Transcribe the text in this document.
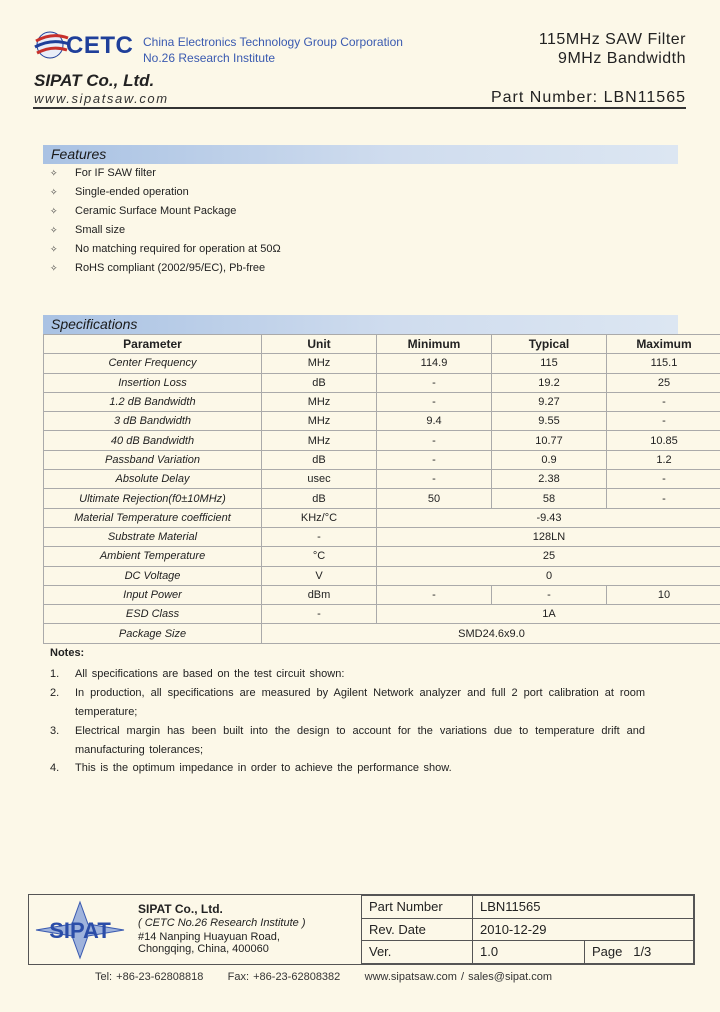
CETC China Electronics Technology Group Corporation
No.26 Research Institute
115MHz SAW Filter
9MHz Bandwidth
SIPAT Co., Ltd.
www.sipatsaw.com	Part Number: LBN11565
Features
✧ For IF SAW filter
✧ Single-ended operation
✧ Ceramic Surface Mount Package
✧ Small size
✧ No matching required for operation at 50Ω
✧ RoHS compliant (2002/95/EC), Pb-free
Specifications
Parameter	Unit	Minimum	Typical	Maximum
Center Frequency	MHz	114.9	115	115.1
Insertion Loss	dB	-	19.2	25
1.2 dB Bandwidth	MHz	-	9.27	-
3 dB Bandwidth	MHz	9.4	9.55	-
40 dB Bandwidth	MHz	-	10.77	10.85
Passband Variation	dB	-	0.9	1.2
Absolute Delay	usec	-	2.38	-
Ultimate Rejection(f0±10MHz)	dB	50	58	-
Material Temperature coefficient	KHz/°C	-9.43		
Substrate Material	-	128LN		
Ambient Temperature	°C	25		
DC Voltage	V	0		
Input Power	dBm	-	-	10
ESD Class	-	1A		
Package Size	SMD24.6x9.0			
Notes:
1. All specifications are based on the test circuit shown:
2. In production, all specifications are measured by Agilent Network analyzer and full 2 port calibration at room temperature;
3. Electrical margin has been built into the design to account for the variations due to temperature drift and manufacturing tolerances;
4. This is the optimum impedance in order to achieve the performance show.
SIPAT
SIPAT Co., Ltd.
( CETC No.26 Research Institute )
#14 Nanping Huayuan Road,
Chongqing, China, 400060
Part Number	LBN11565	
Rev. Date	2010-12-29	
Ver.	1.0	Page 1/3
Tel: +86-23-62808818      Fax: +86-23-62808382      www.sipatsaw.com / sales@sipat.com
